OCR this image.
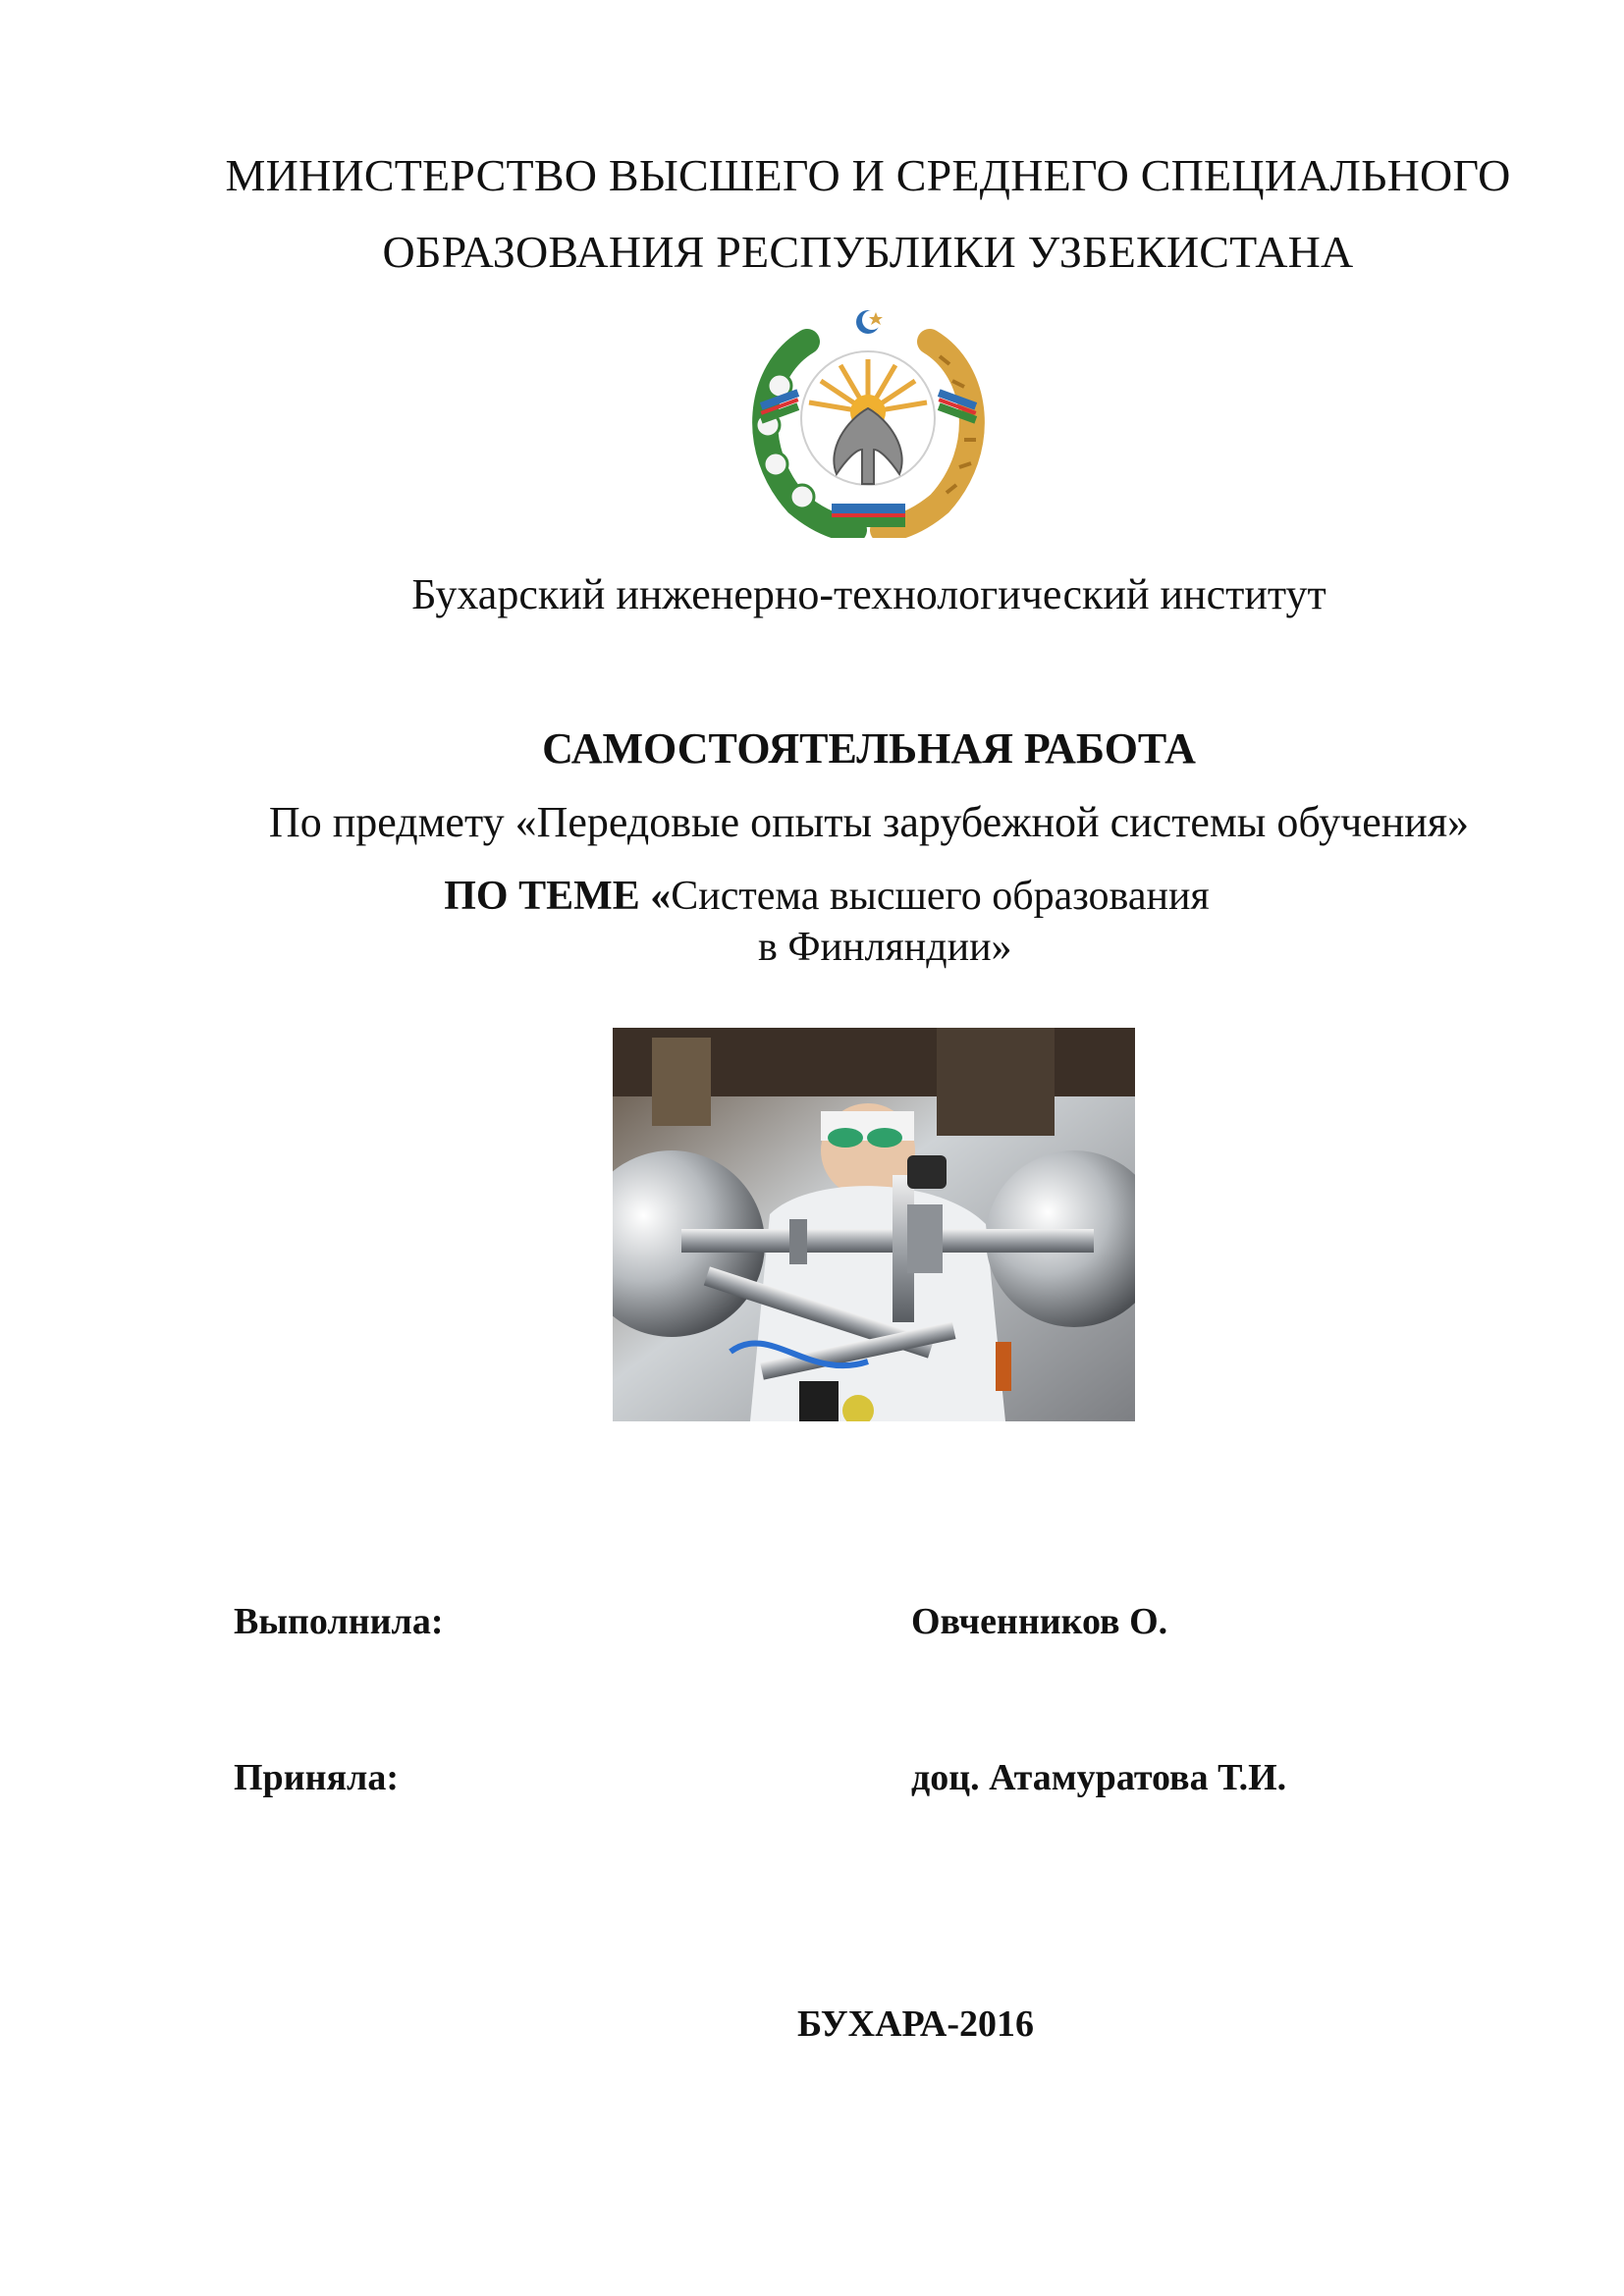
МИНИСТЕРСТВО ВЫСШЕГО И СРЕДНЕГО СПЕЦИАЛЬНОГО
ОБРАЗОВАНИЯ РЕСПУБЛИКИ УЗБЕКИСТАНА
Бухарский инженерно-технологический институт
САМОСТОЯТЕЛЬНАЯ РАБОТА
По предмету «Передовые опыты зарубежной системы обучения»
ПО ТЕМЕ «Система высшего образования
в Финляндии»
Выполнила:	Овченников О.
Приняла:	доц. Атамуратова Т.И.
БУХАРА-2016
